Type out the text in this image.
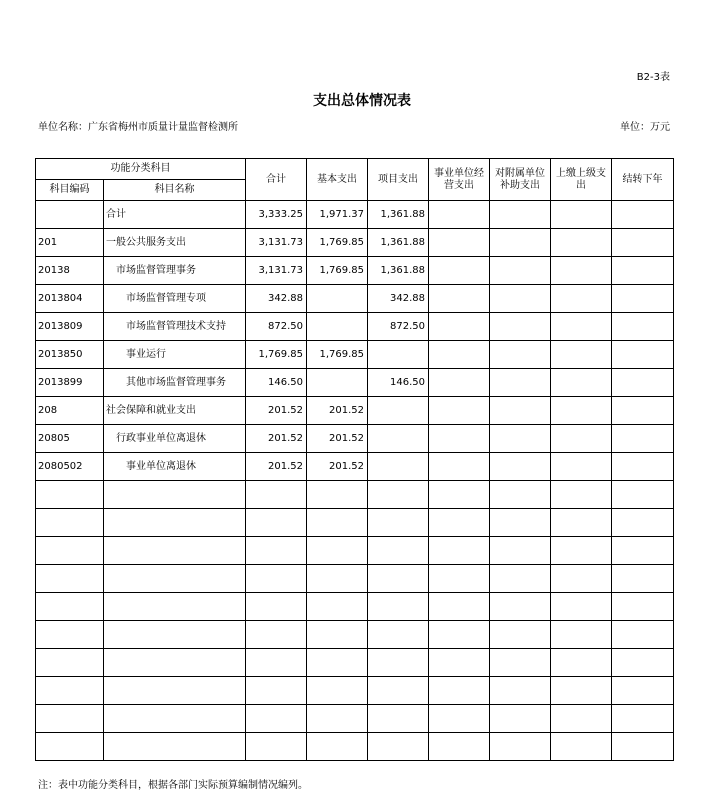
B2-3表
支出总体情况表
单位名称：广东省梅州市质量计量监督检测所	单位：万元
功能分类科目		合计	基本支出	项目支出	事业单位经营支出	对附属单位补助支出	上缴上级支出	结转下年
科目编码	科目名称							
	合计	3,333.25	1,971.37	1,361.88				
201	一般公共服务支出	3,131.73	1,769.85	1,361.88				
20138	市场监督管理事务	3,131.73	1,769.85	1,361.88				
2013804	市场监督管理专项	342.88		342.88				
2013809	市场监督管理技术支持	872.50		872.50				
2013850	事业运行	1,769.85	1,769.85					
2013899	其他市场监督管理事务	146.50		146.50				
208	社会保障和就业支出	201.52	201.52					
20805	行政事业单位离退休	201.52	201.52					
2080502	事业单位离退休	201.52	201.52					

注：表中功能分类科目，根据各部门实际预算编制情况编列。
